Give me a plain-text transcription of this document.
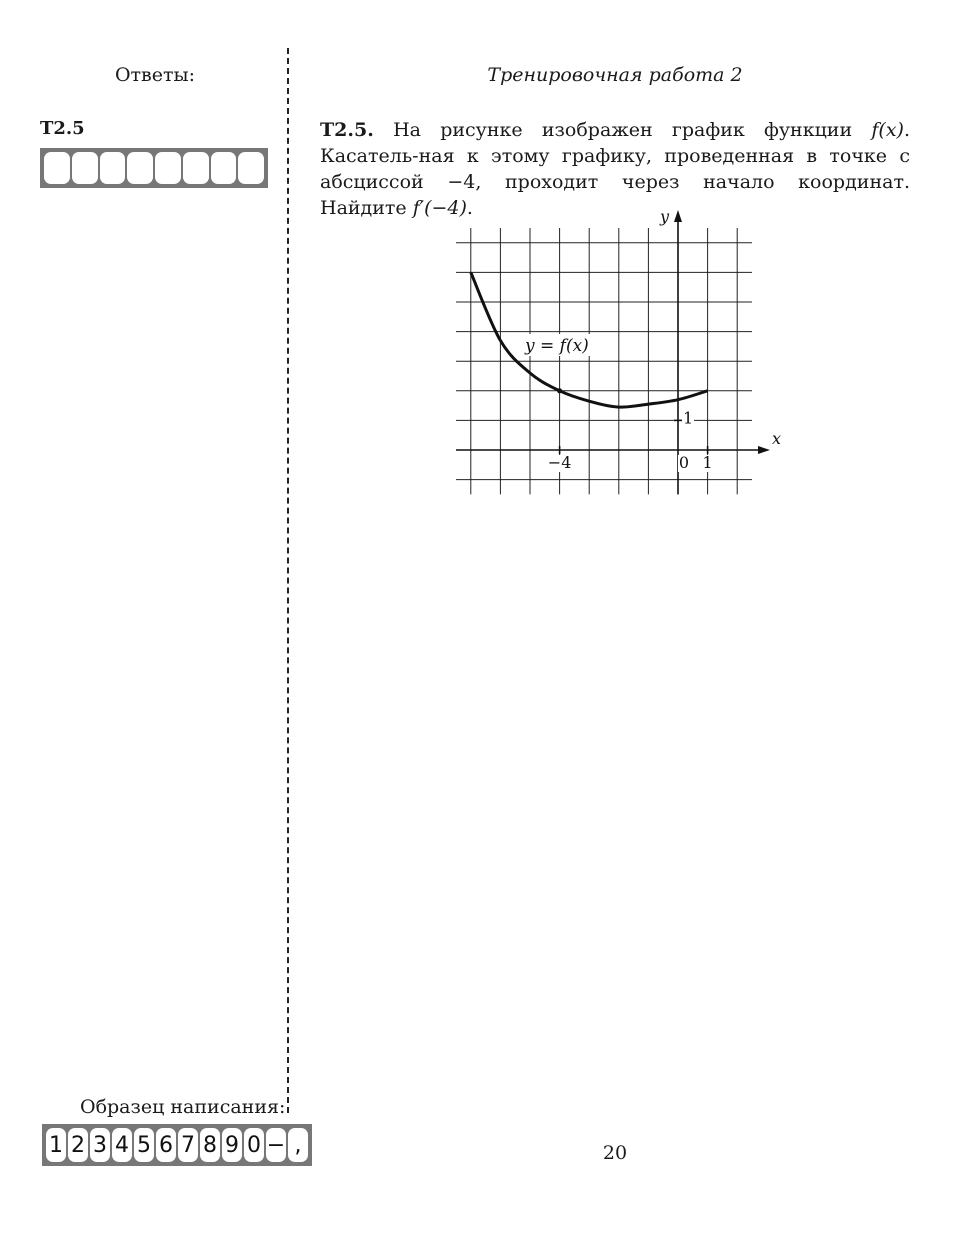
Ответы:	Тренировочная работа 2
T2.5	T2.5. На рисунке изображен график функции f(x). Касатель-ная к этому графику, проведенная в точке с абсциссой −4, проходит через начало координат. Найдите f′(−4).
−4	0 1
1
x
y
y = f(x)
Образец написания:
1 2 3 4 5 6 7 8 9 0 − ,	20
